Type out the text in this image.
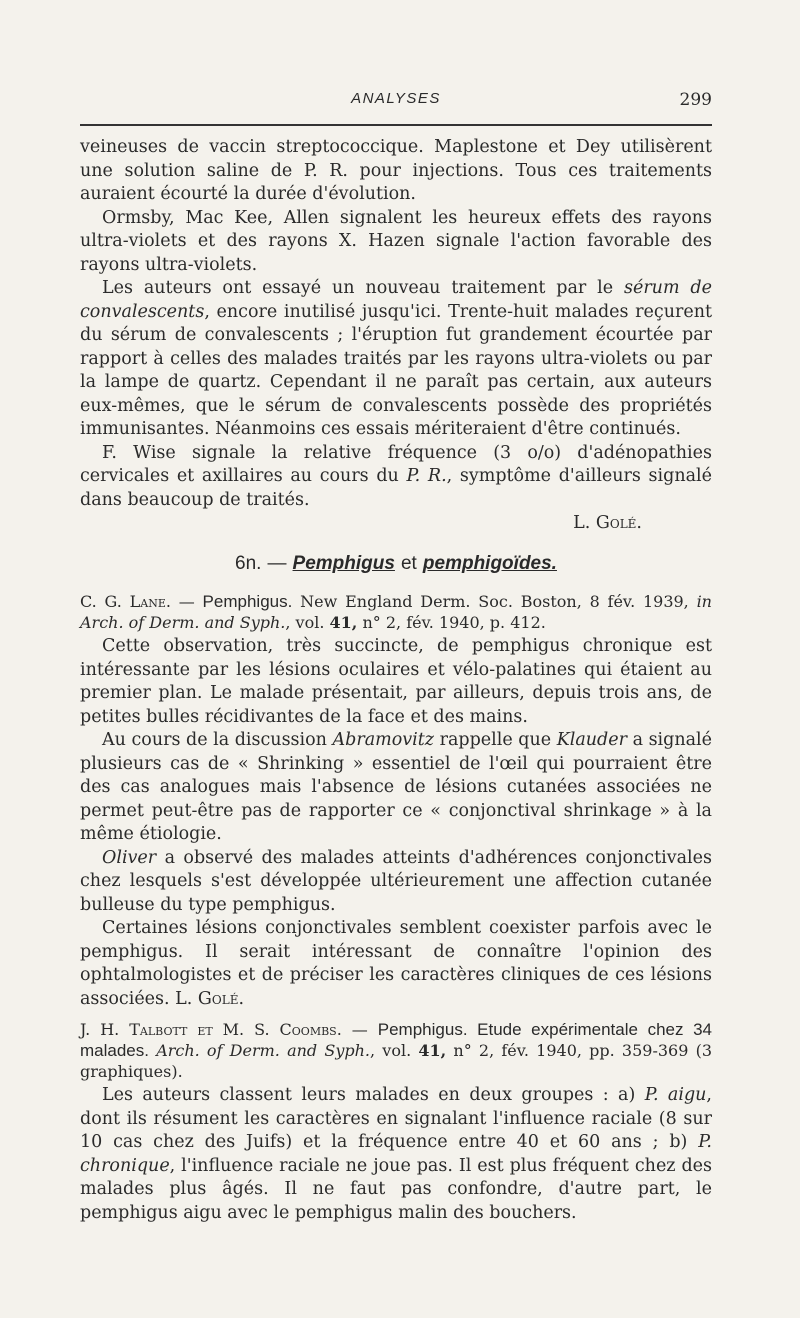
ANALYSES	299

veineuses de vaccin streptococcique. Maplestone et Dey utilisèrent une solution saline de P. R. pour injections. Tous ces traitements auraient écourté la durée d'évolution.

Ormsby, Mac Kee, Allen signalent les heureux effets des rayons ultra-violets et des rayons X. Hazen signale l'action favorable des rayons ultra-violets.

Les auteurs ont essayé un nouveau traitement par le sérum de convalescents, encore inutilisé jusqu'ici. Trente-huit malades reçurent du sérum de convalescents ; l'éruption fut grandement écourtée par rapport à celles des malades traités par les rayons ultra-violets ou par la lampe de quartz. Cependant il ne paraît pas certain, aux auteurs eux-mêmes, que le sérum de convalescents possède des propriétés immunisantes. Néanmoins ces essais mériteraient d'être continués.

F. Wise signale la relative fréquence (3 o/o) d'adénopathies cervicales et axillaires au cours du P. R., symptôme d'ailleurs signalé dans beaucoup de traités.

L. Golé.

6n. — Pemphigus et pemphigoïdes.

C. G. Lane. — Pemphigus. New England Derm. Soc. Boston, 8 fév. 1939, in Arch. of Derm. and Syph., vol. 41, n° 2, fév. 1940, p. 412.

Cette observation, très succincte, de pemphigus chronique est intéressante par les lésions oculaires et vélo-palatines qui étaient au premier plan. Le malade présentait, par ailleurs, depuis trois ans, de petites bulles récidivantes de la face et des mains.

Au cours de la discussion Abramovitz rappelle que Klauder a signalé plusieurs cas de « Shrinking » essentiel de l'œil qui pourraient être des cas analogues mais l'absence de lésions cutanées associées ne permet peut-être pas de rapporter ce « conjonctival shrinkage » à la même étiologie.

Oliver a observé des malades atteints d'adhérences conjonctivales chez lesquels s'est développée ultérieurement une affection cutanée bulleuse du type pemphigus.

Certaines lésions conjonctivales semblent coexister parfois avec le pemphigus. Il serait intéressant de connaître l'opinion des ophtalmologistes et de préciser les caractères cliniques de ces lésions associées. L. Golé.

J. H. Talbott et M. S. Coombs. — Pemphigus. Etude expérimentale chez 34 malades. Arch. of Derm. and Syph., vol. 41, n° 2, fév. 1940, pp. 359-369 (3 graphiques).

Les auteurs classent leurs malades en deux groupes : a) P. aigu, dont ils résument les caractères en signalant l'influence raciale (8 sur 10 cas chez des Juifs) et la fréquence entre 40 et 60 ans ; b) P. chronique, l'influence raciale ne joue pas. Il est plus fréquent chez des malades plus âgés. Il ne faut pas confondre, d'autre part, le pemphigus aigu avec le pemphigus malin des bouchers.
